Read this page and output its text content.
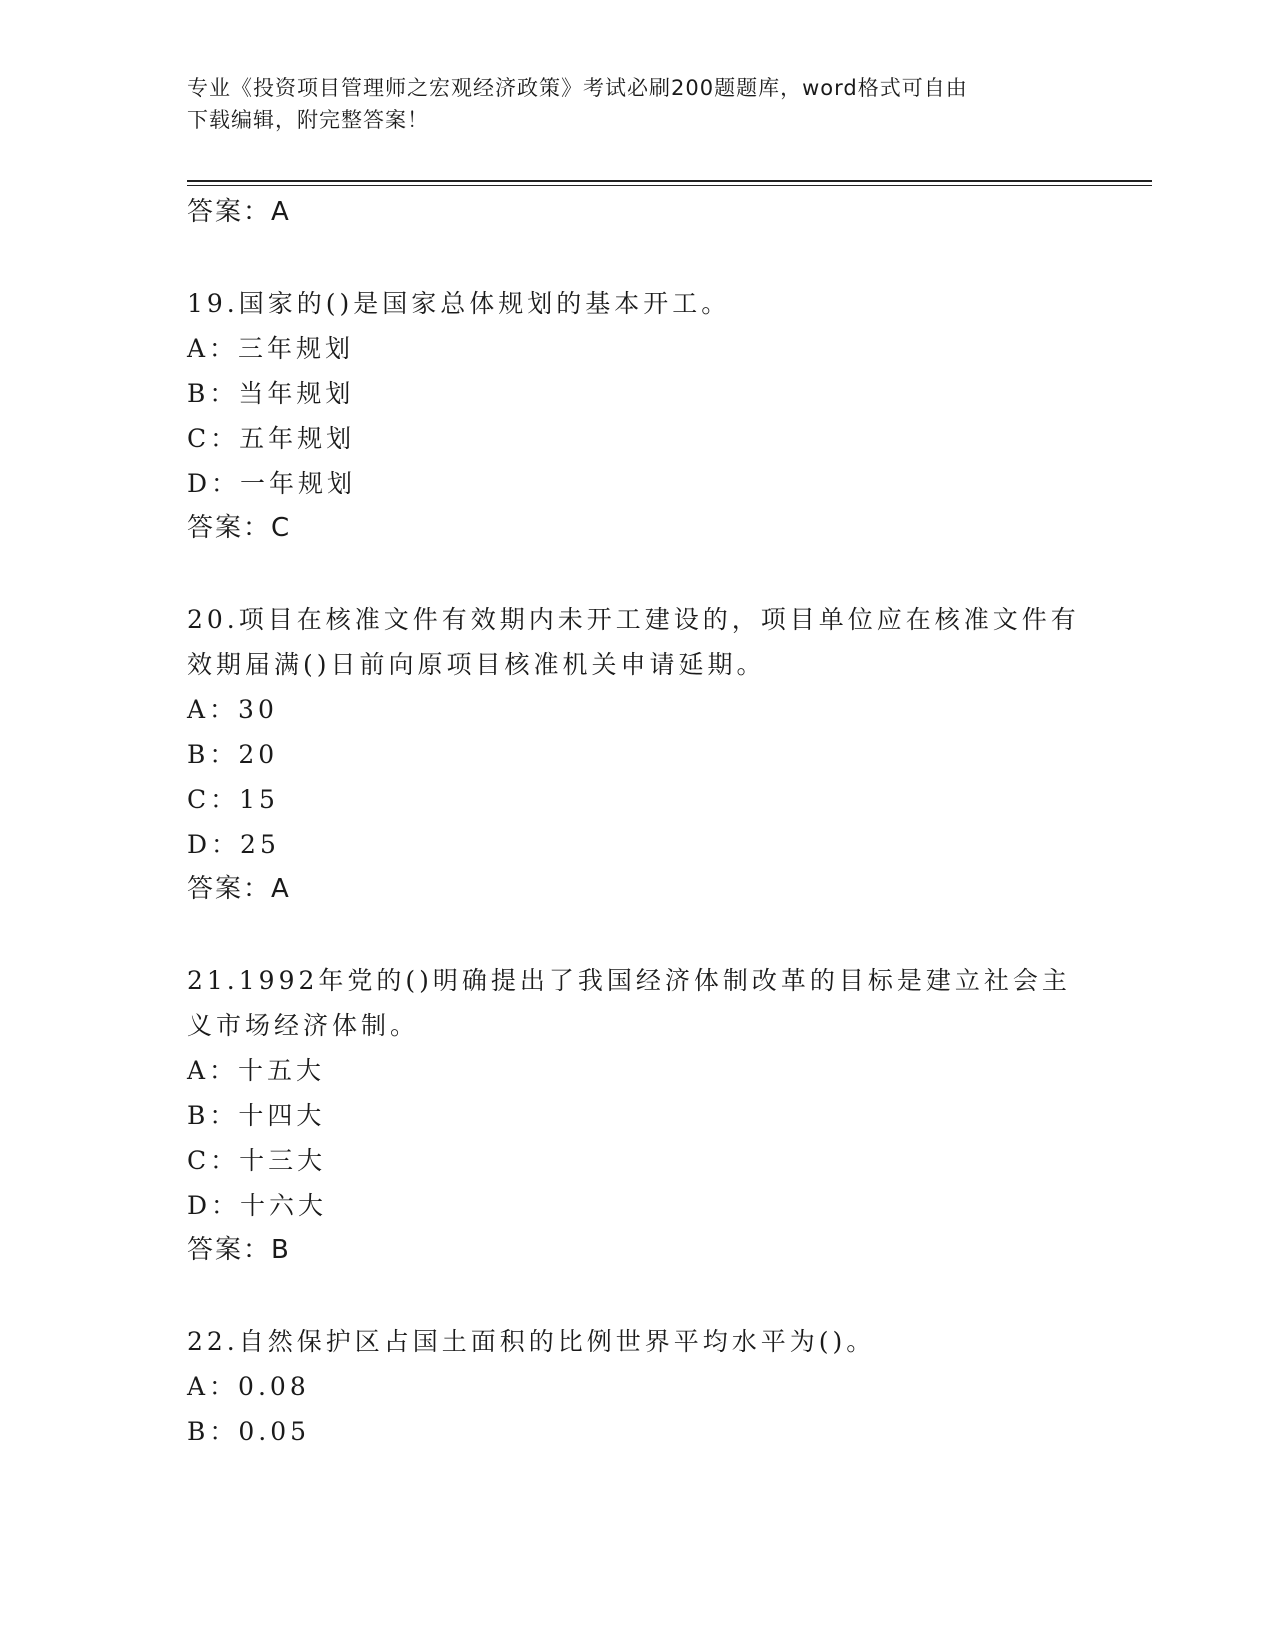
专业《投资项目管理师之宏观经济政策》考试必刷200题题库，word格式可自由
下载编辑，附完整答案！
答案：A
19.国家的()是国家总体规划的基本开工。
A：三年规划
B：当年规划
C：五年规划
D：一年规划
答案：C
20.项目在核准文件有效期内未开工建设的，项目单位应在核准文件有效期届满()日前向原项目核准机关申请延期。
A：30
B：20
C：15
D：25
答案：A
21.1992年党的()明确提出了我国经济体制改革的目标是建立社会主义市场经济体制。
A：十五大
B：十四大
C：十三大
D：十六大
答案：B
22.自然保护区占国土面积的比例世界平均水平为()。
A：0.08
B：0.05
